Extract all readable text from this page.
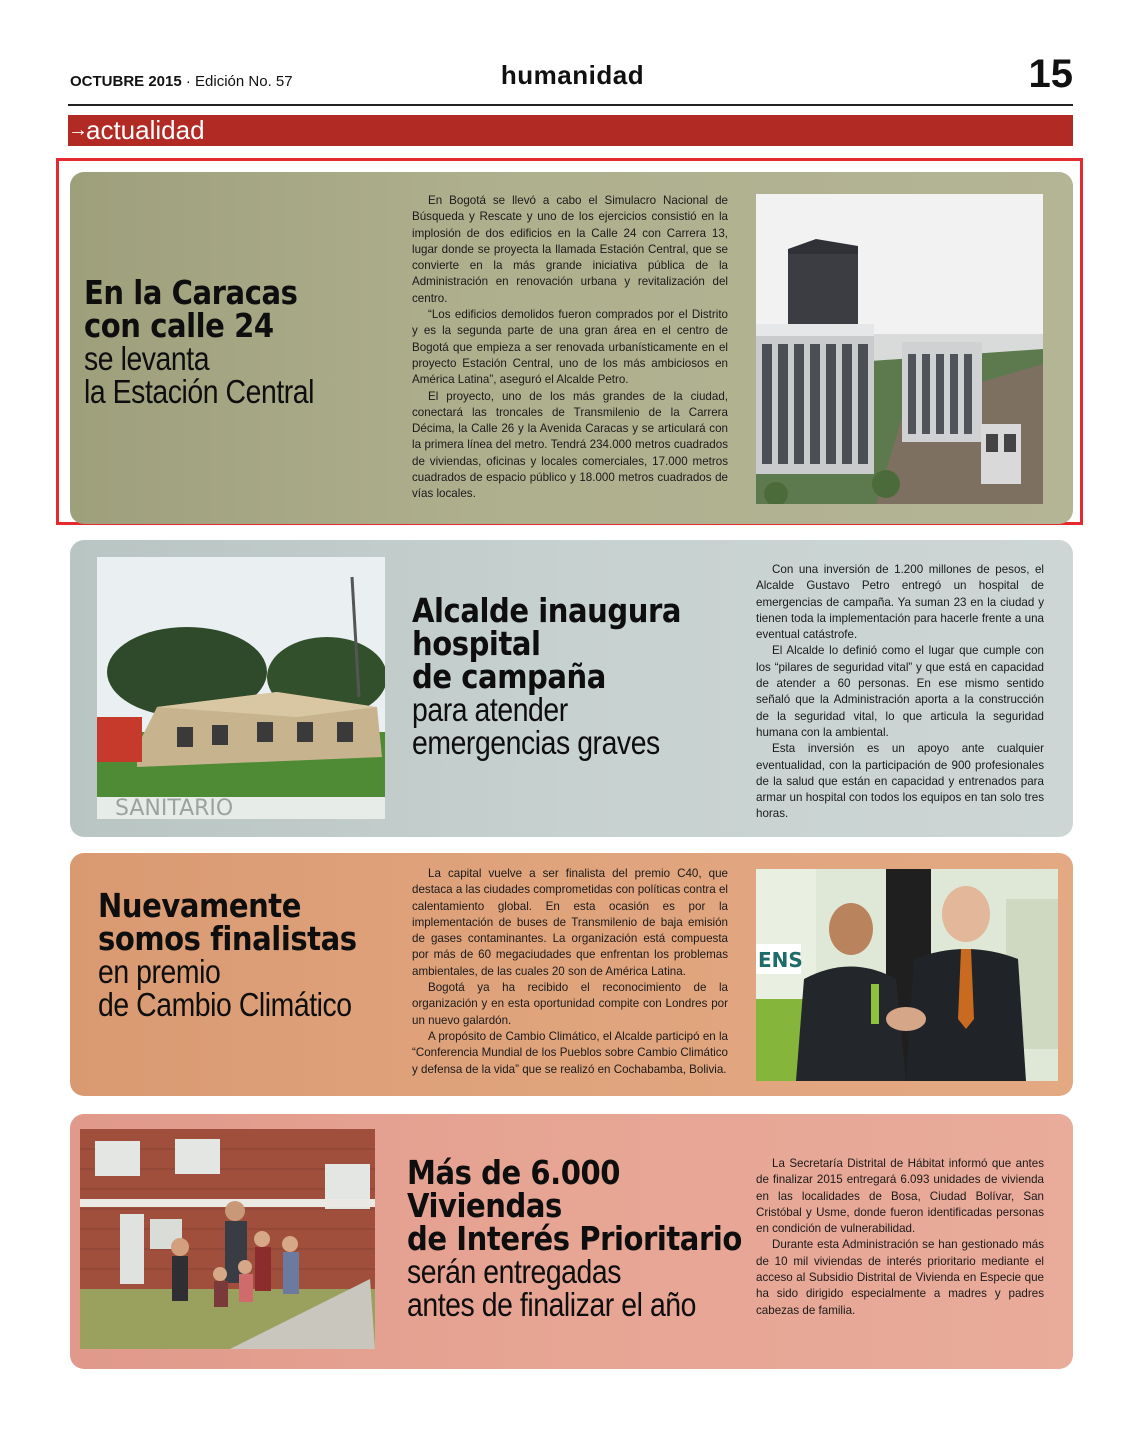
OCTUBRE 2015 · Edición No. 57	humanidad	15
→actualidad
En la Caracas
con calle 24
se levanta
la Estación Central

En Bogotá se llevó a cabo el Simulacro Nacional de Búsqueda y Rescate y uno de los ejercicios consistió en la implosión de dos edificios en la Calle 24 con Carrera 13, lugar donde se proyecta la llamada Estación Central, que se convierte en la más grande iniciativa pública de la Administración en renovación urbana y revitalización del centro.

“Los edificios demolidos fueron comprados por el Distrito y es la segunda parte de una gran área en el centro de Bogotá que empieza a ser renovada urbanísticamente en el proyecto Estación Central, uno de los más ambiciosos en América Latina”, aseguró el Alcalde Petro.

El proyecto, uno de los más grandes de la ciudad, conectará las troncales de Transmilenio de la Carrera Décima, la Calle 26 y la Avenida Caracas y se articulará con la primera línea del metro. Tendrá 234.000 metros cuadrados de viviendas, oficinas y locales comerciales, 17.000 metros cuadrados de espacio público y 18.000 metros cuadrados de vías locales.

SANITARIO
Alcalde inaugura
hospital
de campaña
para atender
emergencias graves

Con una inversión de 1.200 millones de pesos, el Alcalde Gustavo Petro entregó un hospital de emergencias de campaña. Ya suman 23 en la ciudad y tienen toda la implementación para hacerle frente a una eventual catástrofe.

El Alcalde lo definió como el lugar que cumple con los “pilares de seguridad vital” y que está en capacidad de atender a 60 personas. En ese mismo sentido señaló que la Administración aporta a la construcción de la seguridad vital, lo que articula la seguridad humana con la ambiental.

Esta inversión es un apoyo ante cualquier eventualidad, con la participación de 900 profesionales de la salud que están en capacidad y entrenados para armar un hospital con todos los equipos en tan solo tres horas.

Nuevamente
somos finalistas
en premio
de Cambio Climático

La capital vuelve a ser finalista del premio C40, que destaca a las ciudades comprometidas con políticas contra el calentamiento global. En esta ocasión es por la implementación de buses de Transmilenio de baja emisión de gases contaminantes. La organización está compuesta por más de 60 megaciudades que enfrentan los problemas ambientales, de las cuales 20 son de América Latina.

Bogotá ya ha recibido el reconocimiento de la organización y en esta oportunidad compite con Londres por un nuevo galardón.

A propósito de Cambio Climático, el Alcalde participó en la “Conferencia Mundial de los Pueblos sobre Cambio Climático y defensa de la vida” que se realizó en Cochabamba, Bolivia.

ENS
Más de 6.000
Viviendas
de Interés Prioritario
serán entregadas
antes de finalizar el año

La Secretaría Distrital de Hábitat informó que antes de finalizar 2015 entregará 6.093 unidades de vivienda en las localidades de Bosa, Ciudad Bolívar, San Cristóbal y Usme, donde fueron identificadas personas en condición de vulnerabilidad.

Durante esta Administración se han gestionado más de 10 mil viviendas de interés prioritario mediante el acceso al Subsidio Distrital de Vivienda en Especie que ha sido dirigido especialmente a madres y padres cabezas de familia.
